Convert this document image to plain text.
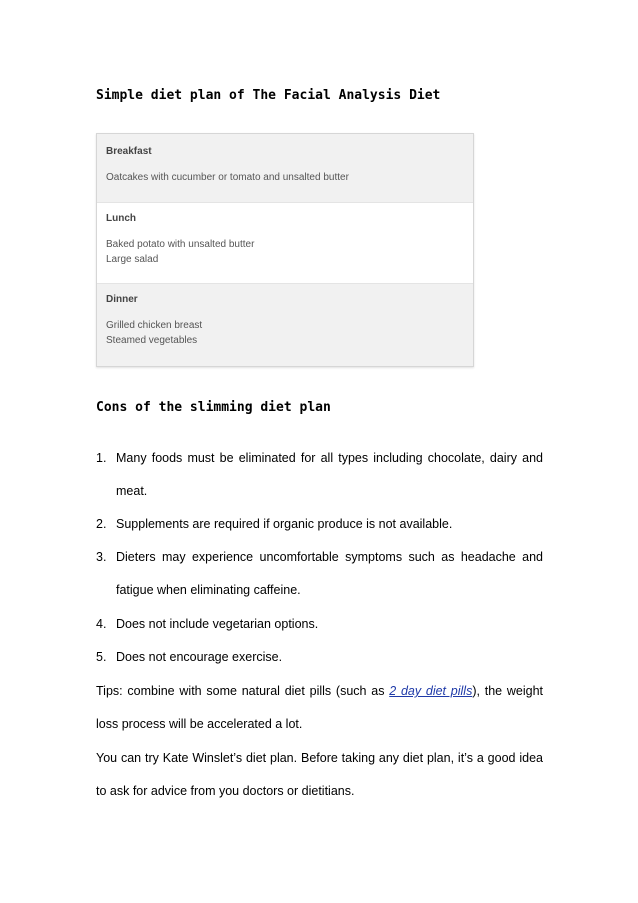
Simple diet plan of The Facial Analysis Diet
Breakfast
Oatcakes with cucumber or tomato and unsalted butter
Lunch
Baked potato with unsalted butter
Large salad
Dinner
Grilled chicken breast
Steamed vegetables
Cons of the slimming diet plan
1. Many foods must be eliminated for all types including chocolate, dairy and
meat.
2. Supplements are required if organic produce is not available.
3. Dieters may experience uncomfortable symptoms such as headache and
fatigue when eliminating caffeine.
4. Does not include vegetarian options.
5. Does not encourage exercise.
Tips: combine with some natural diet pills (such as 2 day diet pills), the weight
loss process will be accelerated a lot.
You can try Kate Winslet’s diet plan. Before taking any diet plan, it’s a good idea
to ask for advice from you doctors or dietitians.
